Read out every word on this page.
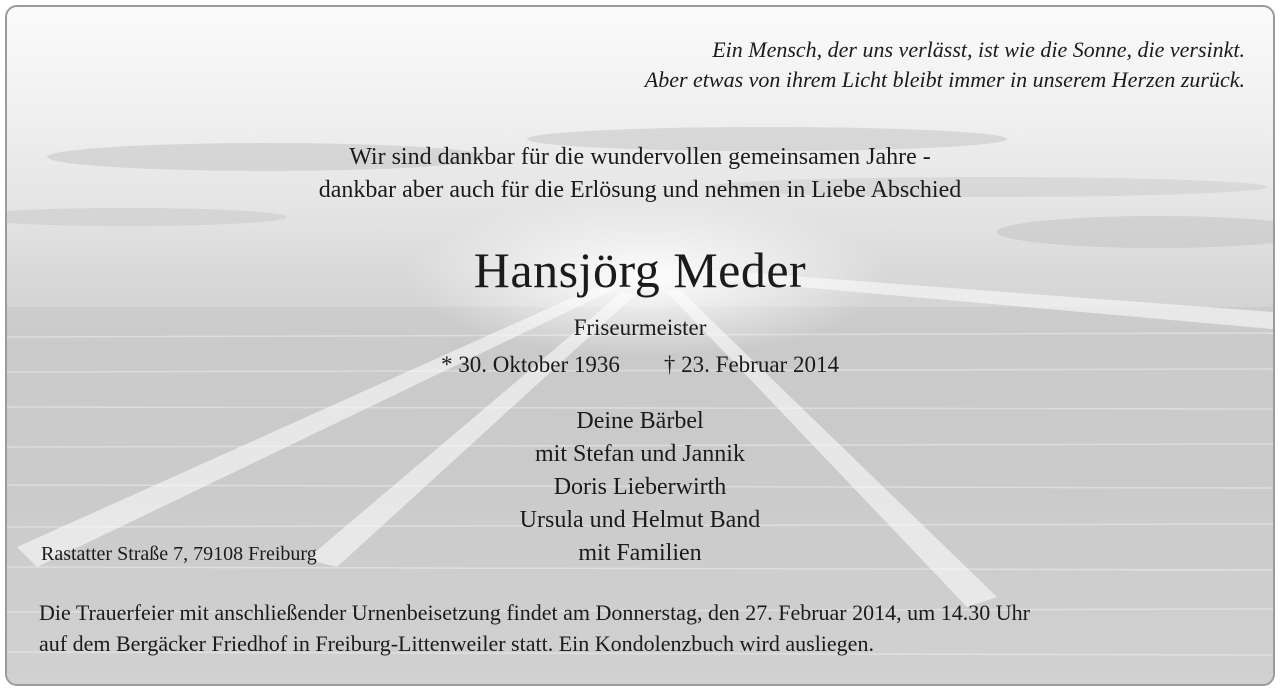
Ein Mensch, der uns verlässt, ist wie die Sonne, die versinkt.
Aber etwas von ihrem Licht bleibt immer in unserem Herzen zurück.
Wir sind dankbar für die wundervollen gemeinsamen Jahre -
dankbar aber auch für die Erlösung und nehmen in Liebe Abschied
Hansjörg Meder
Friseurmeister
* 30. Oktober 1936 † 23. Februar 2014
Deine Bärbel
mit Stefan und Jannik
Doris Lieberwirth
Ursula und Helmut Band
mit Familien
Rastatter Straße 7, 79108 Freiburg
Die Trauerfeier mit anschließender Urnenbeisetzung findet am Donnerstag, den 27. Februar 2014, um 14.30 Uhr
auf dem Bergäcker Friedhof in Freiburg-Littenweiler statt. Ein Kondolenzbuch wird ausliegen.
